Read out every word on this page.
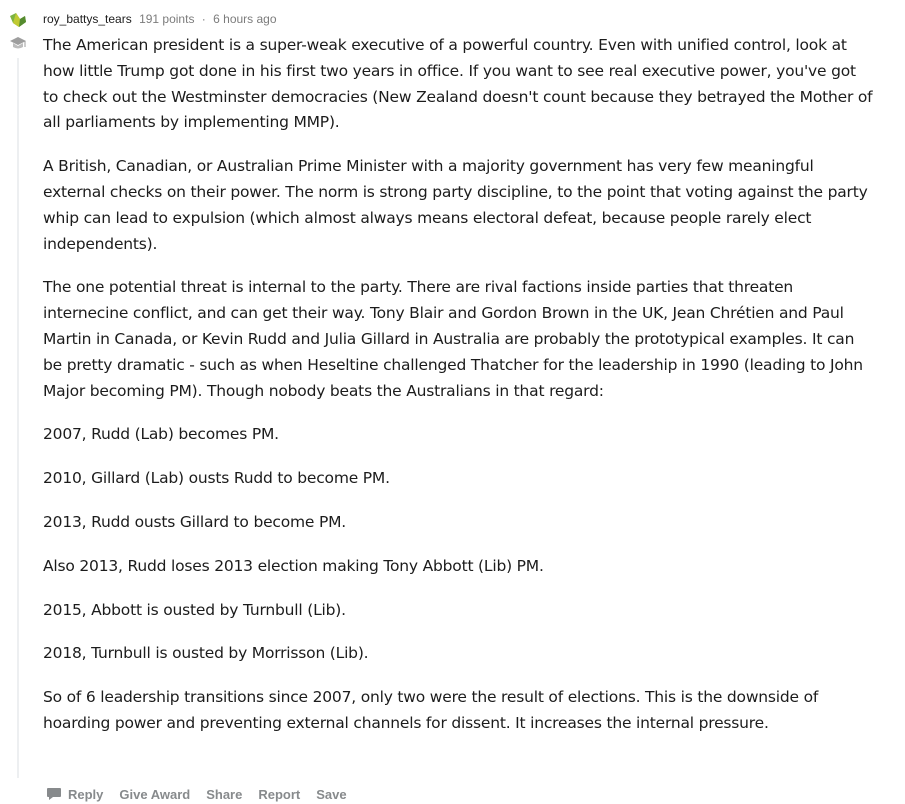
roy_battys_tears 191 points · 6 hours ago

The American president is a super-weak executive of a powerful country. Even with unified control, look at how little Trump got done in his first two years in office. If you want to see real executive power, you've got to check out the Westminster democracies (New Zealand doesn't count because they betrayed the Mother of all parliaments by implementing MMP).

A British, Canadian, or Australian Prime Minister with a majority government has very few meaningful external checks on their power. The norm is strong party discipline, to the point that voting against the party whip can lead to expulsion (which almost always means electoral defeat, because people rarely elect independents).

The one potential threat is internal to the party. There are rival factions inside parties that threaten internecine conflict, and can get their way. Tony Blair and Gordon Brown in the UK, Jean Chrétien and Paul Martin in Canada, or Kevin Rudd and Julia Gillard in Australia are probably the prototypical examples. It can be pretty dramatic - such as when Heseltine challenged Thatcher for the leadership in 1990 (leading to John Major becoming PM). Though nobody beats the Australians in that regard:

2007, Rudd (Lab) becomes PM.

2010, Gillard (Lab) ousts Rudd to become PM.

2013, Rudd ousts Gillard to become PM.

Also 2013, Rudd loses 2013 election making Tony Abbott (Lib) PM.

2015, Abbott is ousted by Turnbull (Lib).

2018, Turnbull is ousted by Morrisson (Lib).

So of 6 leadership transitions since 2007, only two were the result of elections. This is the downside of hoarding power and preventing external channels for dissent. It increases the internal pressure.

Reply Give Award Share Report Save
